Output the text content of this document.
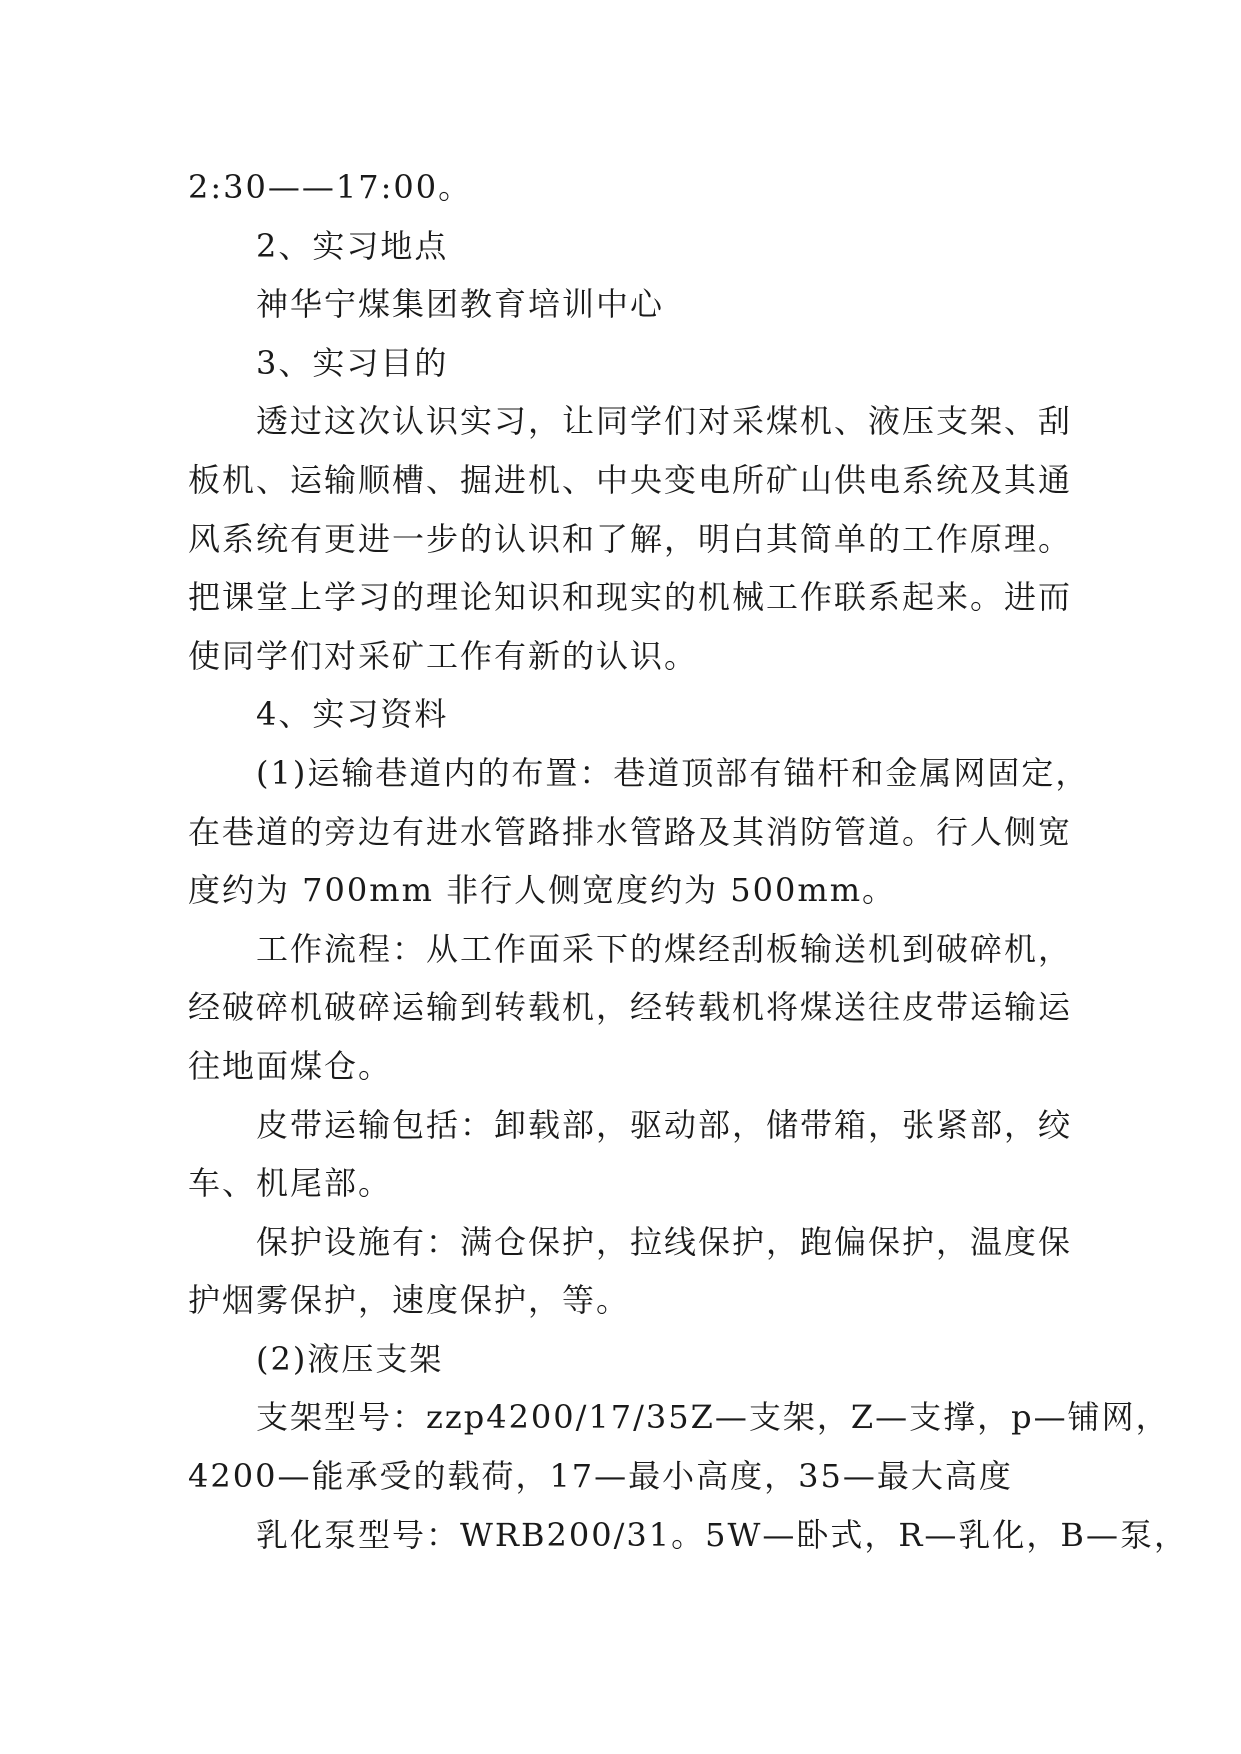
2:30——17:00。
2、实习地点
神华宁煤集团教育培训中心
3、实习目的
透过这次认识实习，让同学们对采煤机、液压支架、刮
板机、运输顺槽、掘进机、中央变电所矿山供电系统及其通
风系统有更进一步的认识和了解，明白其简单的工作原理。
把课堂上学习的理论知识和现实的机械工作联系起来。进而
使同学们对采矿工作有新的认识。
4、实习资料
(1)运输巷道内的布置：巷道顶部有锚杆和金属网固定，
在巷道的旁边有进水管路排水管路及其消防管道。行人侧宽
度约为 700mm 非行人侧宽度约为 500mm。
工作流程：从工作面采下的煤经刮板输送机到破碎机，
经破碎机破碎运输到转载机，经转载机将煤送往皮带运输运
往地面煤仓。
皮带运输包括：卸载部，驱动部，储带箱，张紧部，绞
车、机尾部。
保护设施有：满仓保护，拉线保护，跑偏保护，温度保
护烟雾保护，速度保护，等。
(2)液压支架
支架型号：zzp4200/17/35Z—支架，Z—支撑，p—铺网，
4200—能承受的载荷，17—最小高度，35—最大高度
乳化泵型号：WRB200/31。5W—卧式，R—乳化，B—泵，
